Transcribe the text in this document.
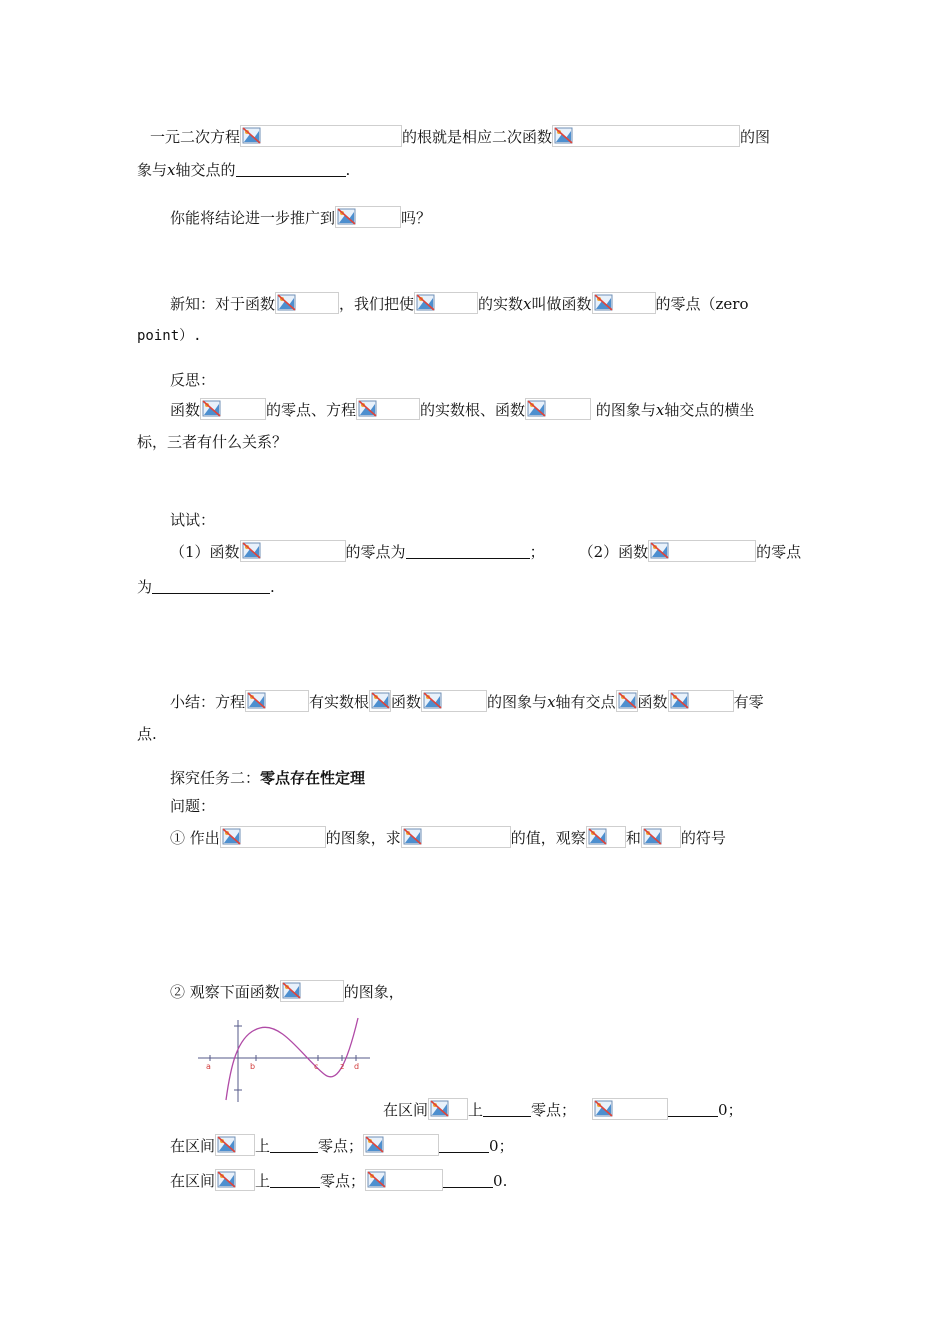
一元二次方程	的根就是相应二次函数	的图
象与x轴交点的	.
你能将结论进一步推广到	吗？
新知：对于函数	，我们把使	的实数x叫做函数	的零点（zero
point）.
反思：
函数	的零点、方程	的实数根、函数	的图象与x轴交点的横坐
标，三者有什么关系？
试试：
（1）函数	的零点为	； （2）函数	的零点
为	.
小结：方程	有实数根 函数	的图象与x轴有交点 函数	有零
点.
探究任务二：零点存在性定理
问题：
① 作出	的图象，求	的值，观察	和	的符号
② 观察下面函数	的图象，
a	b	c	2 d
在区间	上	零点；	0；
在区间	上	零点；	0；
在区间	上	零点；	0.
